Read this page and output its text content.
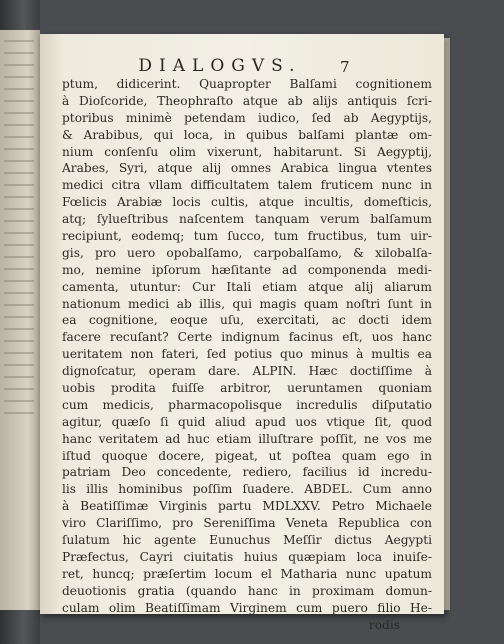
DIALOGVS.	7
ptum, didicerint. Quapropter Balſami cognitionem
à Dioſcoride, Theophraſto atque ab alijs antiquis ſcri-
ptoribus minimè petendam iudico, ſed ab Aegyptijs,
& Arabibus, qui loca, in quibus balſami plantæ om-
nium conſenſu olim vixerunt, habitarunt. Si Aegyptij,
Arabes, Syri, atque alij omnes Arabica lingua vtentes
medici citra vllam difficultatem talem fruticem nunc in
Fœlicis Arabiæ locis cultis, atque incultis, domeſticis,
atq; ſylueſtribus naſcentem tanquam verum balſamum
recipiunt, eodemq; tum ſucco, tum fructibus, tum uir-
gis, pro uero opobalſamo, carpobalſamo, & xilobalſa-
mo, nemine ipſorum hæſitante ad componenda medi-
camenta, utuntur: Cur Itali etiam atque alij aliarum
nationum medici ab illis, qui magis quam noſtri ſunt in
ea cognitione, eoque uſu, exercitati, ac docti idem
facere recuſant? Certe indignum facinus eſt, uos hanc
ueritatem non fateri, ſed potius quo minus à multis ea
dignoſcatur, operam dare. ALPIN. Hæc doctiſſime à
uobis prodita fuiſſe arbitror, ueruntamen quoniam
cum medicis, pharmacopolisque incredulis diſputatio
agitur, quæſo ſi quid aliud apud uos vtique ſit, quod
hanc veritatem ad huc etiam illuſtrare poſſit, ne vos me
iſtud quoque docere, pigeat, ut poſtea quam ego in
patriam Deo concedente, rediero, facilius id incredu-
lis illis hominibus poſſim ſuadere. ABDEL. Cum anno
à Beatiſſimæ Virginis partu MDLXXV. Petro Michaele
viro Clariſſimo, pro Sereniſſima Veneta Republica con
ſulatum hic agente Eunuchus Meſſir dictus Aegypti
Præfectus, Cayri ciuitatis huius quæpiam loca inuiſe-
ret, huncq; præſertim locum el Matharia nunc upatum
deuotionis gratia (quando hanc in proximam domun-
culam olim Beatiſſimam Virginem cum puero filio He-
rodis
